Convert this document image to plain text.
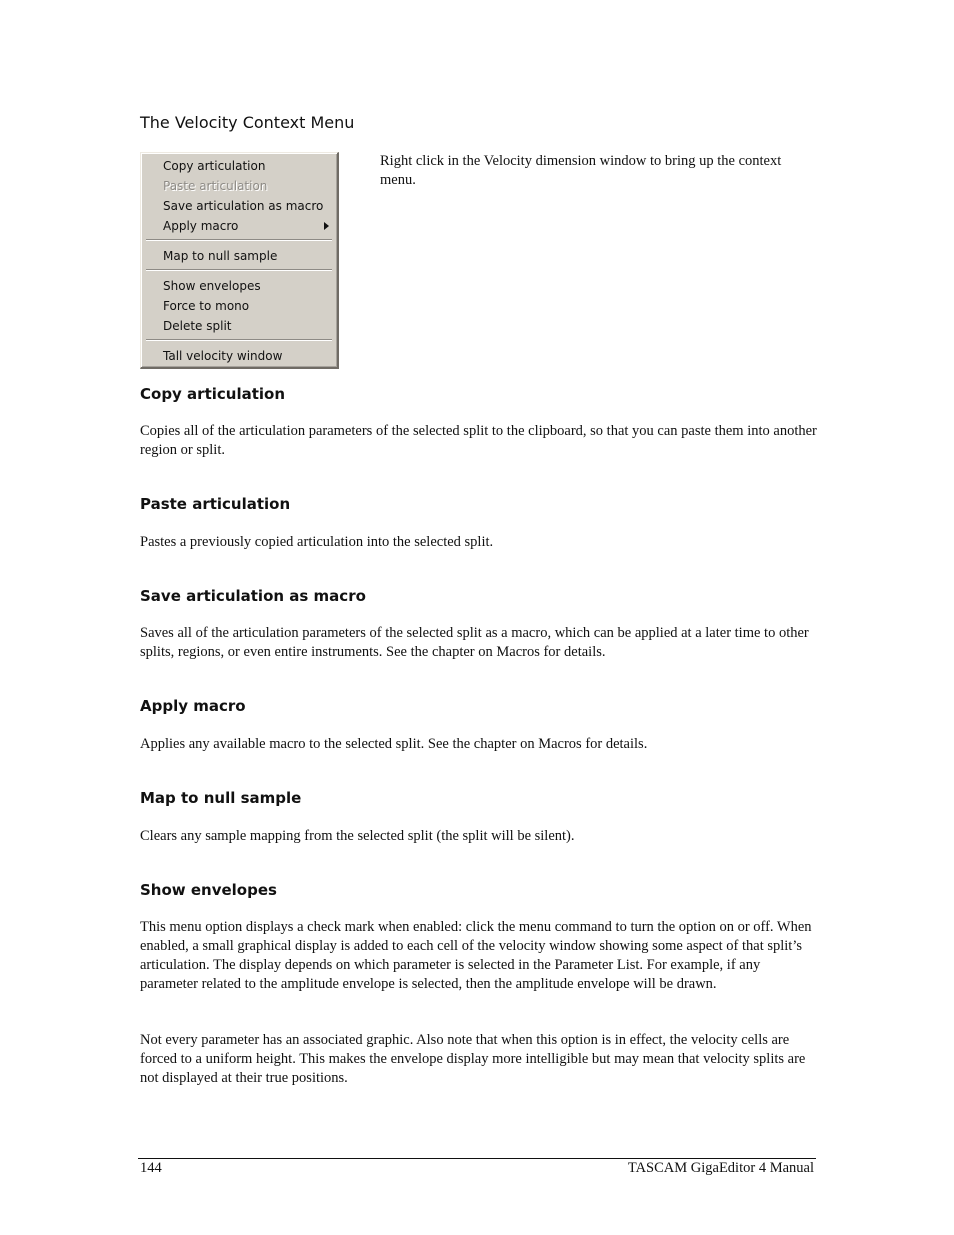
The Velocity Context Menu
Copy articulation
Paste articulation
Save articulation as macro
Apply macro
Map to null sample
Show envelopes
Force to mono
Delete split
Tall velocity window

Right click in the Velocity dimension window to bring up the context menu.

Copy articulation

Copies all of the articulation parameters of the selected split to the clipboard, so that you can paste them into another region or split.

Paste articulation

Pastes a previously copied articulation into the selected split.

Save articulation as macro

Saves all of the articulation parameters of the selected split as a macro, which can be applied at a later time to other splits, regions, or even entire instruments. See the chapter on Macros for details.

Apply macro

Applies any available macro to the selected split. See the chapter on Macros for details.

Map to null sample

Clears any sample mapping from the selected split (the split will be silent).

Show envelopes

This menu option displays a check mark when enabled: click the menu command to turn the option on or off. When enabled, a small graphical display is added to each cell of the velocity window showing some aspect of that split’s articulation. The display depends on which parameter is selected in the Parameter List. For example, if any parameter related to the amplitude envelope is selected, then the amplitude envelope will be drawn.

Not every parameter has an associated graphic. Also note that when this option is in effect, the velocity cells are forced to a uniform height. This makes the envelope display more intelligible but may mean that velocity splits are not displayed at their true positions.

144	TASCAM GigaEditor 4 Manual
